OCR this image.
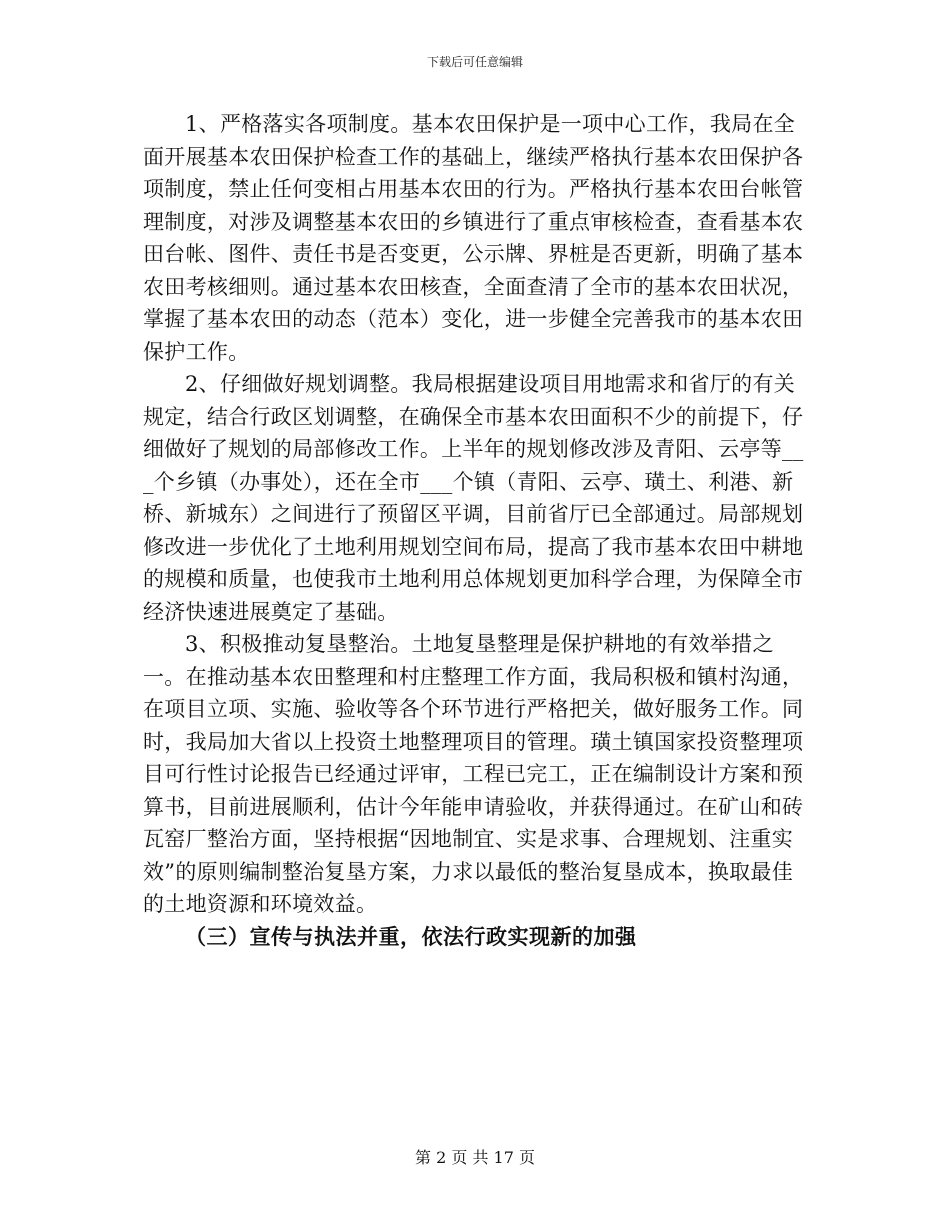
下载后可任意编辑

1、严格落实各项制度。基本农田保护是一项中心工作，我局在全面开展基本农田保护检查工作的基础上，继续严格执行基本农田保护各项制度，禁止任何变相占用基本农田的行为。严格执行基本农田台帐管理制度，对涉及调整基本农田的乡镇进行了重点审核检查，查看基本农田台帐、图件、责任书是否变更，公示牌、界桩是否更新，明确了基本农田考核细则。通过基本农田核查，全面查清了全市的基本农田状况，掌握了基本农田的动态（范本）变化，进一步健全完善我市的基本农田保护工作。

2、仔细做好规划调整。我局根据建设项目用地需求和省厅的有关规定，结合行政区划调整，在确保全市基本农田面积不少的前提下，仔细做好了规划的局部修改工作。上半年的规划修改涉及青阳、云亭等___个乡镇（办事处），还在全市___个镇（青阳、云亭、璜土、利港、新桥、新城东）之间进行了预留区平调，目前省厅已全部通过。局部规划修改进一步优化了土地利用规划空间布局，提高了我市基本农田中耕地的规模和质量，也使我市土地利用总体规划更加科学合理，为保障全市经济快速进展奠定了基础。

3、积极推动复垦整治。土地复垦整理是保护耕地的有效举措之一。在推动基本农田整理和村庄整理工作方面，我局积极和镇村沟通，在项目立项、实施、验收等各个环节进行严格把关，做好服务工作。同时，我局加大省以上投资土地整理项目的管理。璜土镇国家投资整理项目可行性讨论报告已经通过评审，工程已完工，正在编制设计方案和预算书，目前进展顺利，估计今年能申请验收，并获得通过。在矿山和砖瓦窑厂整治方面，坚持根据“因地制宜、实是求事、合理规划、注重实效”的原则编制整治复垦方案，力求以最低的整治复垦成本，换取最佳的土地资源和环境效益。

（三）宣传与执法并重，依法行政实现新的加强

第 2 页 共 17 页
